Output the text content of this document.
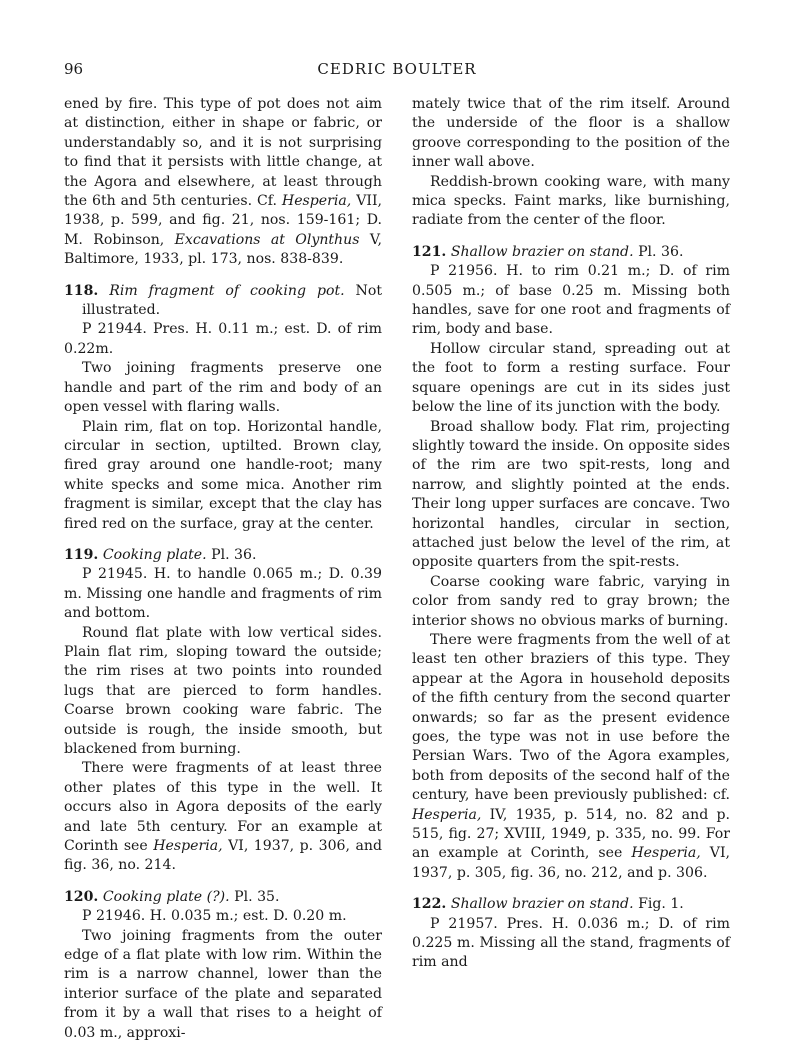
96	CEDRIC BOULTER

ened by fire. This type of pot does not aim at distinction, either in shape or fabric, or understandably so, and it is not surprising to find that it persists with little change, at the Agora and elsewhere, at least through the 6th and 5th centuries. Cf. Hesperia, VII, 1938, p. 599, and fig. 21, nos. 159-161; D. M. Robinson, Excavations at Olynthus V, Baltimore, 1933, pl. 173, nos. 838-839.

118. Rim fragment of cooking pot. Not illustrated.

P 21944. Pres. H. 0.11 m.; est. D. of rim 0.22m.

Two joining fragments preserve one handle and part of the rim and body of an open vessel with flaring walls.

Plain rim, flat on top. Horizontal handle, circular in section, uptilted. Brown clay, fired gray around one handle-root; many white specks and some mica. Another rim fragment is similar, except that the clay has fired red on the surface, gray at the center.

119. Cooking plate. Pl. 36.

P 21945. H. to handle 0.065 m.; D. 0.39 m. Missing one handle and fragments of rim and bottom.

Round flat plate with low vertical sides. Plain flat rim, sloping toward the outside; the rim rises at two points into rounded lugs that are pierced to form handles. Coarse brown cooking ware fabric. The outside is rough, the inside smooth, but blackened from burning.

There were fragments of at least three other plates of this type in the well. It occurs also in Agora deposits of the early and late 5th century. For an example at Corinth see Hesperia, VI, 1937, p. 306, and fig. 36, no. 214.

120. Cooking plate (?). Pl. 35.

P 21946. H. 0.035 m.; est. D. 0.20 m.

Two joining fragments from the outer edge of a flat plate with low rim. Within the rim is a narrow channel, lower than the interior surface of the plate and separated from it by a wall that rises to a height of 0.03 m., approxi-

mately twice that of the rim itself. Around the underside of the floor is a shallow groove corresponding to the position of the inner wall above.

Reddish-brown cooking ware, with many mica specks. Faint marks, like burnishing, radiate from the center of the floor.

121. Shallow brazier on stand. Pl. 36.

P 21956. H. to rim 0.21 m.; D. of rim 0.505 m.; of base 0.25 m. Missing both handles, save for one root and fragments of rim, body and base.

Hollow circular stand, spreading out at the foot to form a resting surface. Four square openings are cut in its sides just below the line of its junction with the body.

Broad shallow body. Flat rim, projecting slightly toward the inside. On opposite sides of the rim are two spit-rests, long and narrow, and slightly pointed at the ends. Their long upper surfaces are concave. Two horizontal handles, circular in section, attached just below the level of the rim, at opposite quarters from the spit-rests.

Coarse cooking ware fabric, varying in color from sandy red to gray brown; the interior shows no obvious marks of burning.

There were fragments from the well of at least ten other braziers of this type. They appear at the Agora in household deposits of the fifth century from the second quarter onwards; so far as the present evidence goes, the type was not in use before the Persian Wars. Two of the Agora examples, both from deposits of the second half of the century, have been previously published: cf. Hesperia, IV, 1935, p. 514, no. 82 and p. 515, fig. 27; XVIII, 1949, p. 335, no. 99. For an example at Corinth, see Hesperia, VI, 1937, p. 305, fig. 36, no. 212, and p. 306.

122. Shallow brazier on stand. Fig. 1.

P 21957. Pres. H. 0.036 m.; D. of rim 0.225 m. Missing all the stand, fragments of rim and
